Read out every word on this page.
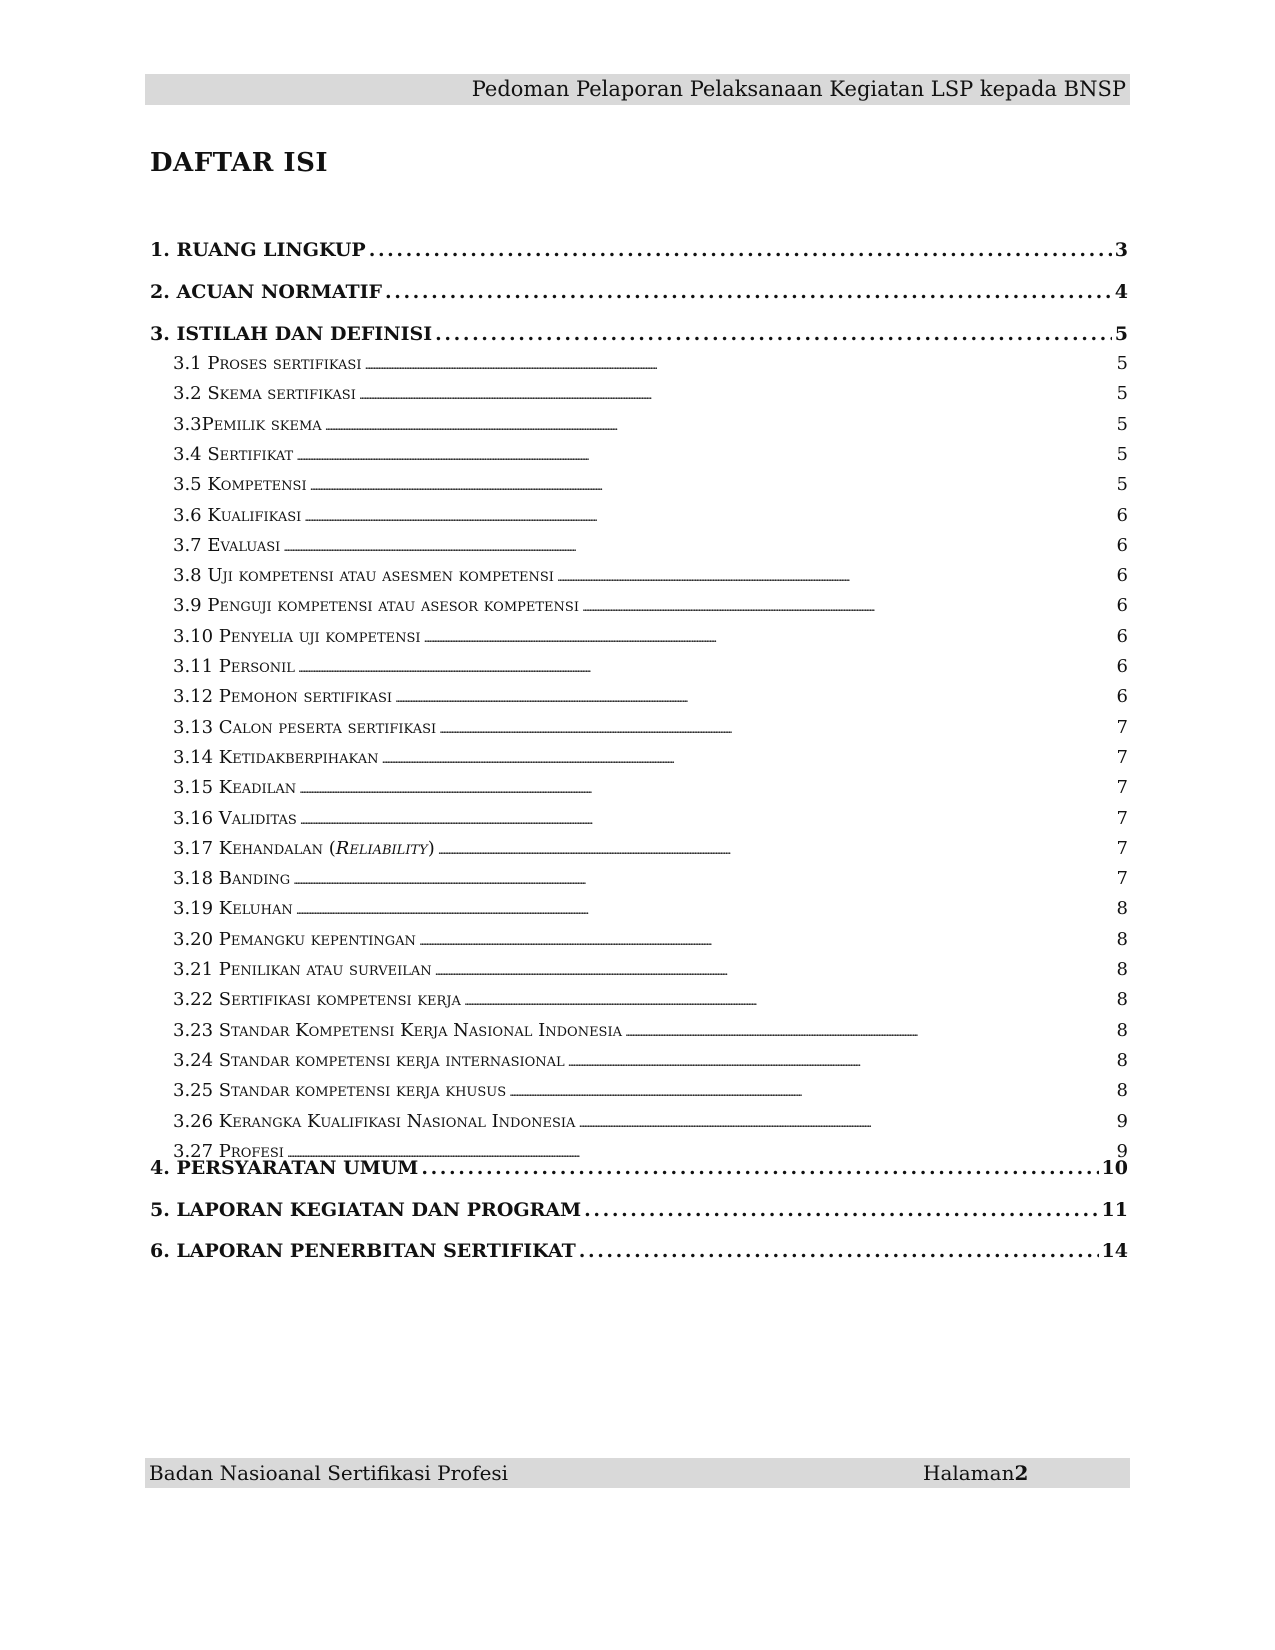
Pedoman Pelaporan Pelaksanaan Kegiatan LSP kepada BNSP
DAFTAR ISI
1. RUANG LINGKUP . . .	3
2. ACUAN NORMATIF . . .	4
3. ISTILAH DAN DEFINISI . . .	5
3.1 Proses sertifikasi . . .	5
3.2 Skema sertifikasi . . .	5
3.3Pemilik skema . . .	5
3.4 Sertifikat . . .	5
3.5 Kompetensi . . .	5
3.6 Kualifikasi . . .	6
3.7 Evaluasi . . .	6
3.8 Uji kompetensi atau asesmen kompetensi . . .	6
3.9 Penguji kompetensi atau asesor kompetensi . . .	6
3.10 Penyelia uji kompetensi . . .	6
3.11 Personil . . .	6
3.12 Pemohon sertifikasi . . .	6
3.13 Calon peserta sertifikasi . . .	7
3.14 Ketidakberpihakan . . .	7
3.15 Keadilan . . .	7
3.16 Validitas . . .	7
3.17 Kehandalan (Reliability) . . .	7
3.18 Banding . . .	7
3.19 Keluhan . . .	8
3.20 Pemangku kepentingan . . .	8
3.21 Penilikan atau surveilan . . .	8
3.22 Sertifikasi kompetensi kerja . . .	8
3.23 Standar Kompetensi Kerja Nasional Indonesia . . .	8
3.24 Standar kompetensi kerja internasional . . .	8
3.25 Standar kompetensi kerja khusus . . .	8
3.26 Kerangka Kualifikasi Nasional Indonesia . . .	9
3.27 Profesi . . .	9
4. PERSYARATAN UMUM . . .	10
5. LAPORAN KEGIATAN DAN PROGRAM . . .	11
6. LAPORAN PENERBITAN SERTIFIKAT . . .	14
Badan Nasioanal Sertifikasi Profesi	Halaman2
